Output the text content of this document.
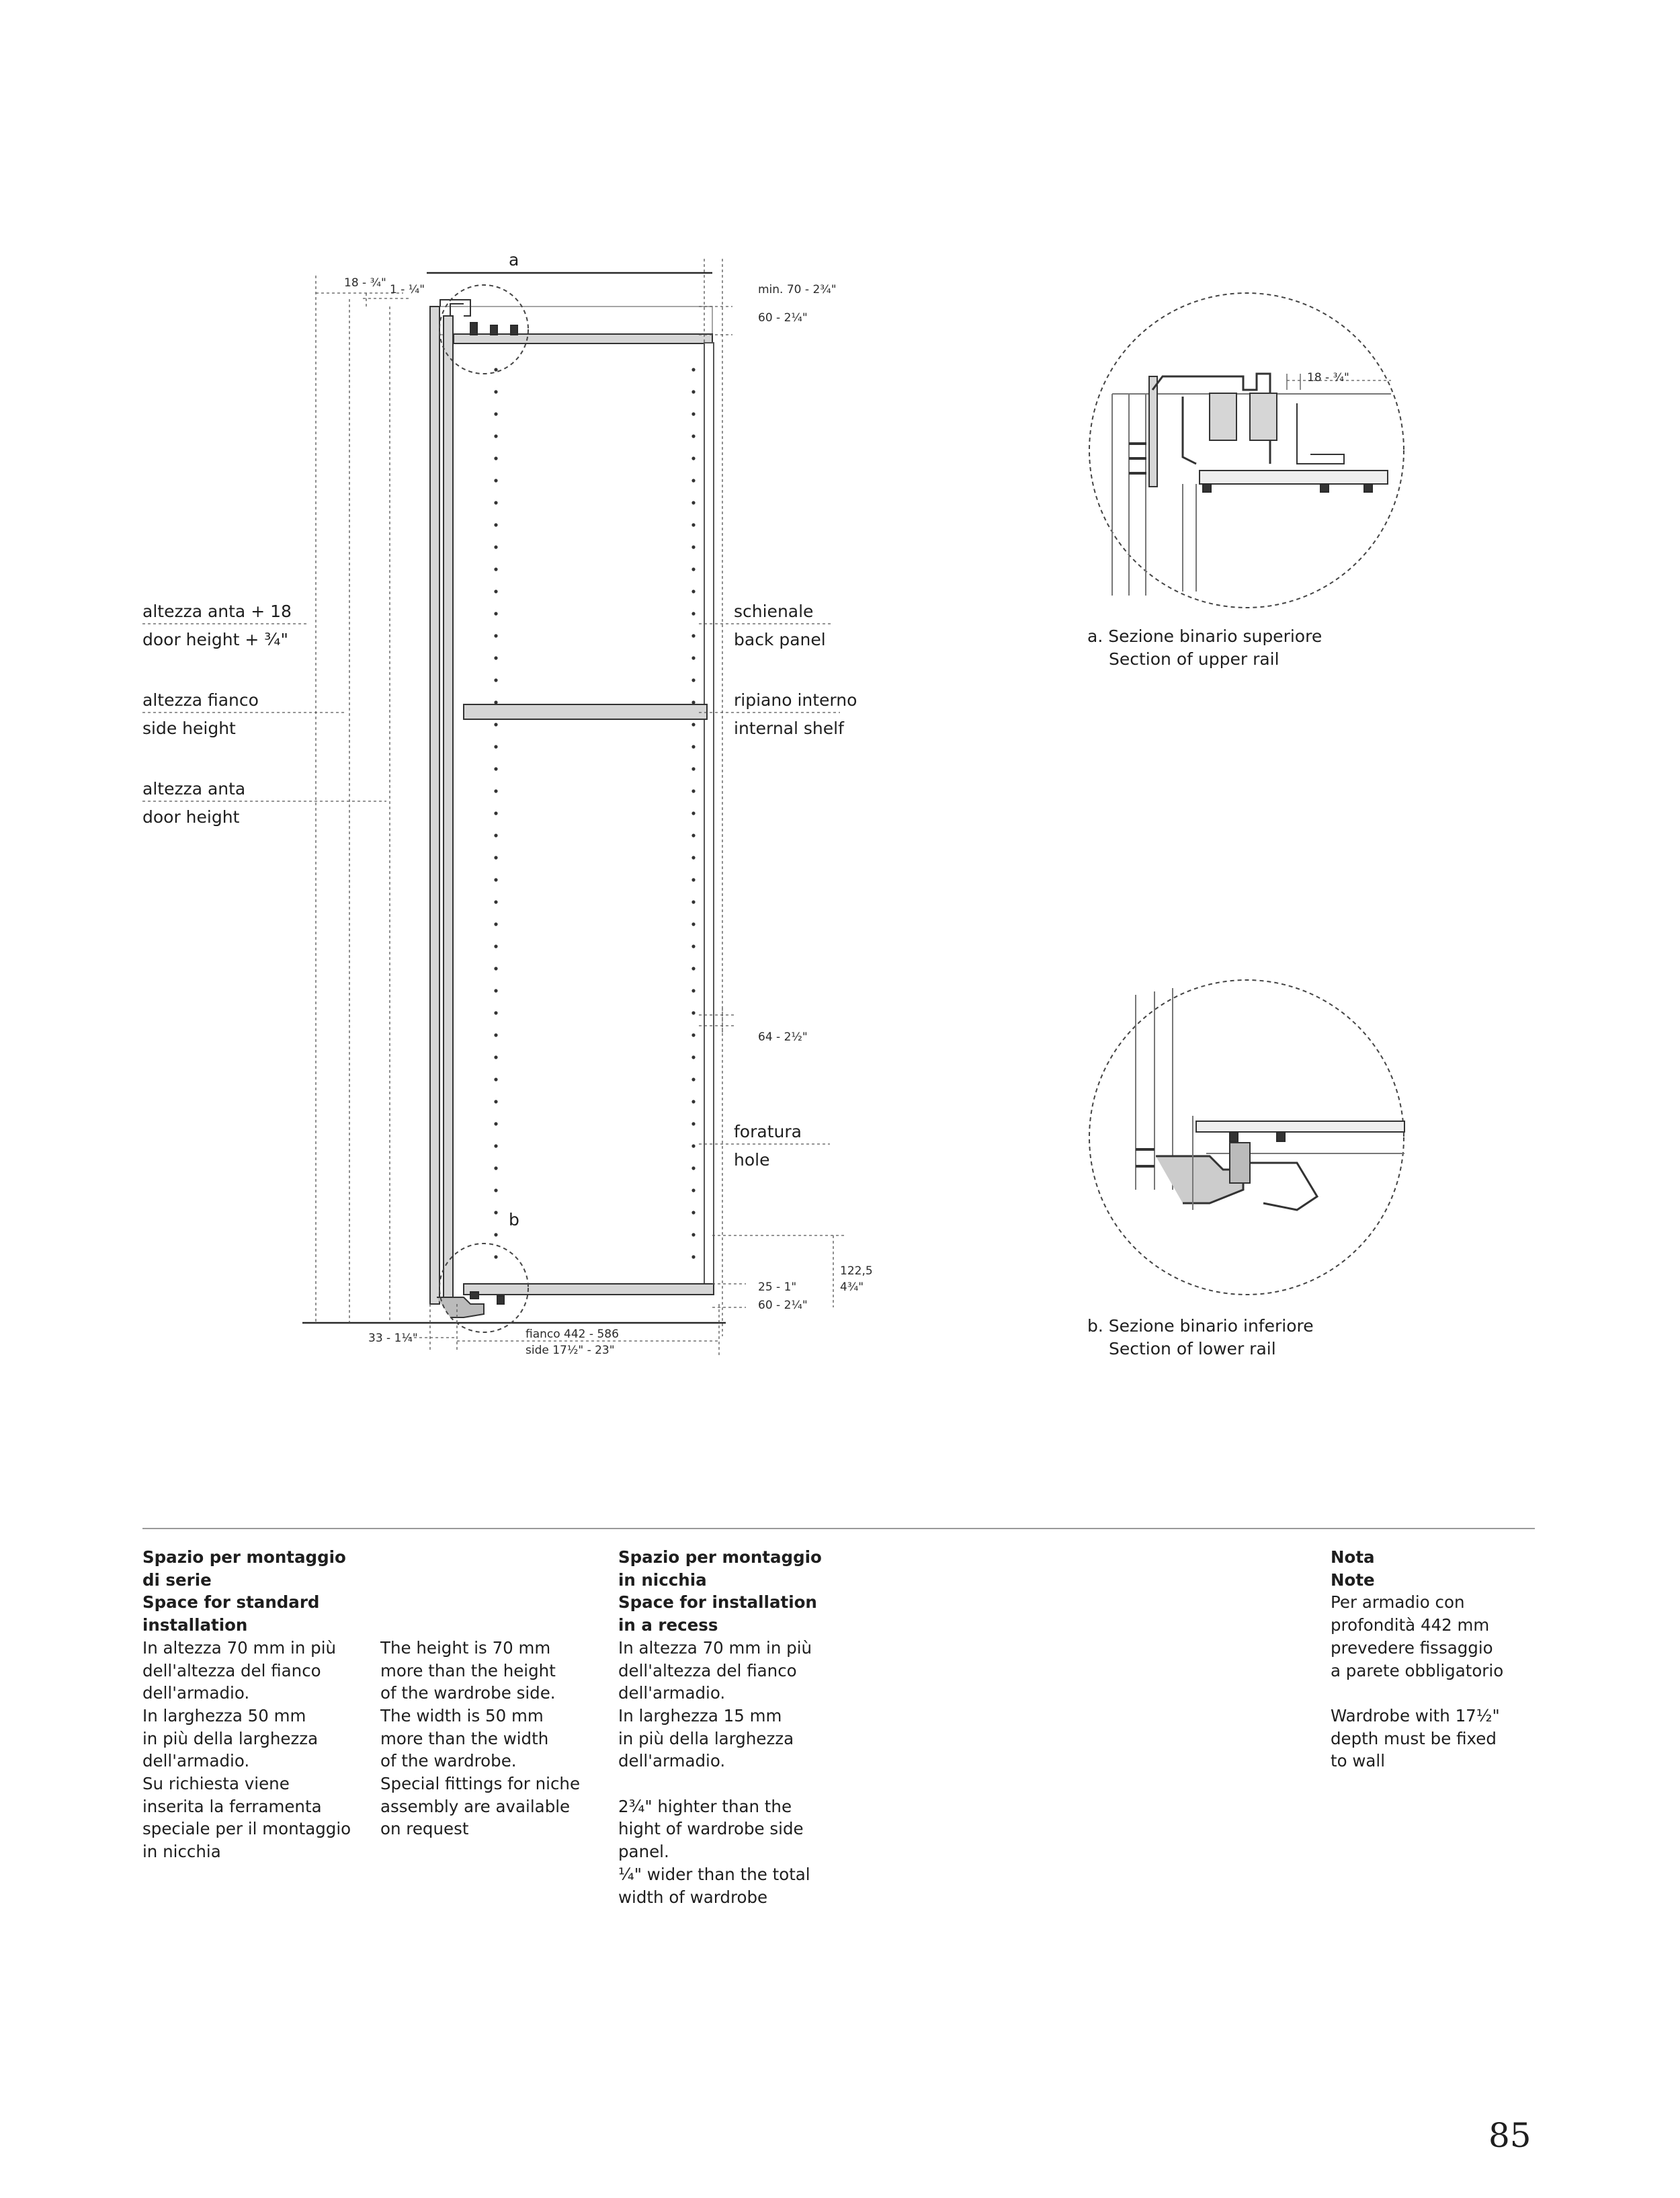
altezza anta + 18
door height + ¾"
altezza fianco
side height
altezza anta
door height
schienale
back panel
ripiano interno
internal shelf
foratura
hole
a
b
18 - ¾" 1 - ¼"	min. 70 - 2¾"
60 - 2¼"
64 - 2½"
25 - 1"
60 - 2¼"
122,5
4¾"
33 - 1¼"	fianco 442 - 586
side 17½" - 23"
18 - ¾"
a. Sezione binario superiore
Section of upper rail
b. Sezione binario inferiore
Section of lower rail

Spazio per montaggio

di serie

Space for standard

installation

In altezza 70 mm in più

dell'altezza del fianco

dell'armadio.

In larghezza 50 mm

in più della larghezza

dell'armadio.

Su richiesta viene

inserita la ferramenta

speciale per il montaggio

in nicchia

The height is 70 mm

more than the height

of the wardrobe side.

The width is 50 mm

more than the width

of the wardrobe.

Special fittings for niche

assembly are available

on request

Spazio per montaggio

in nicchia

Space for installation

in a recess

In altezza 70 mm in più

dell'altezza del fianco

dell'armadio.

In larghezza 15 mm

in più della larghezza

dell'armadio.

2¾" highter than the

hight of wardrobe side

panel.

¼" wider than the total

width of wardrobe

Nota

Note

Per armadio con

profondità 442 mm

prevedere fissaggio

a parete obbligatorio

Wardrobe with 17½"

depth must be fixed

to wall

85
